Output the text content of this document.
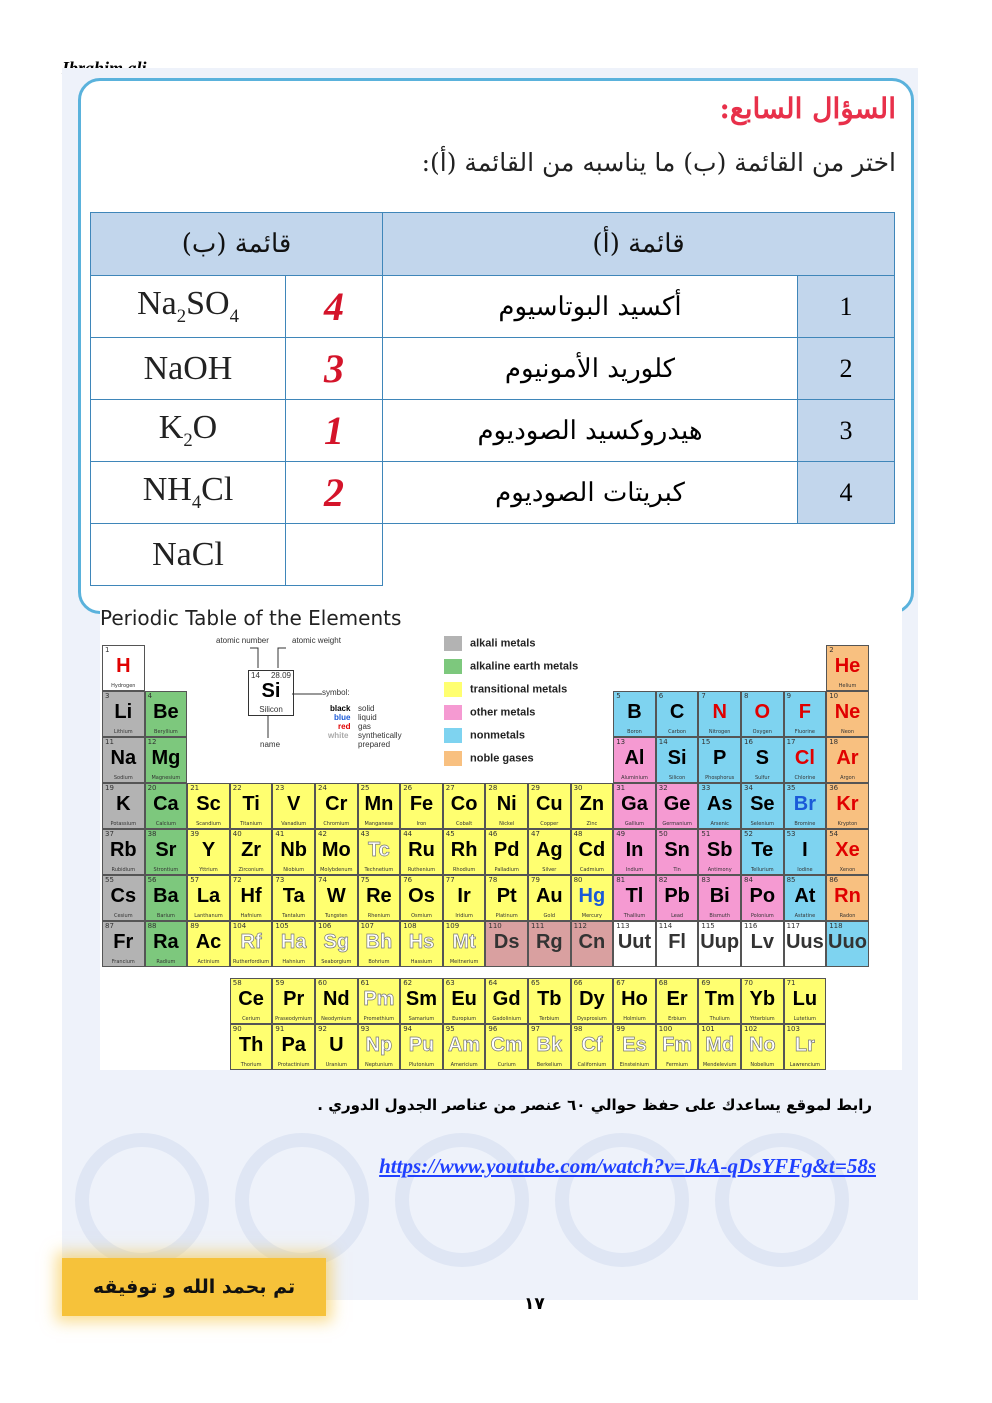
السؤال السابع:
اختر من القائمة (ب) ما يناسبه من القائمة (أ):
قائمة (ب)		قائمة (أ)	
$Na_2SO_4$	4	أكسيد البوتاسيوم	1
NaOH	3	كلوريد الأمونيوم	2
$K_2O$	1	هيدروكسيد الصوديوم	3
$NH_4Cl$	2	كبريتات الصوديوم	4
NaCl			
Periodic Table of the Elements
atomic number	atomic weight
14 28.09
Si
Silicon
symbol:
black solid
blue liquid
red gas
white synthetically prepared
name
alkali metals
alkaline earth metals
transitional metals
other metals
nonmetals
noble gases
1
H
Hydrogen
2
He
Helium
3
Li
Lithium
4
Be
Beryllium
5
B
Boron
6
C
Carbon
7
N
Nitrogen
8
O
Oxygen
9
F
Fluorine
10
Ne
Neon
11
Na
Sodium
12
Mg
Magnesium
13
Al
Aluminium
14
Si
Silicon
15
P
Phosphorus
16
S
Sulfur
17
Cl
Chlorine
18
Ar
Argon
19
K
Potassium
20
Ca
Calcium
21
Sc
Scandium
22
Ti
Titanium
23
V
Vanadium
24
Cr
Chromium
25
Mn
Manganese
26
Fe
Iron
27
Co
Cobalt
28
Ni
Nickel
29
Cu
Copper
30
Zn
Zinc
31
Ga
Gallium
32
Ge
Germanium
33
As
Arsenic
34
Se
Selenium
35
Br
Bromine
36
Kr
Krypton
37
Rb
Rubidium
38
Sr
Strontium
39
Y
Yttrium
40
Zr
Zirconium
41
Nb
Niobium
42
Mo
Molybdenum
43
Tc
Technetium
44
Ru
Ruthenium
45
Rh
Rhodium
46
Pd
Palladium
47
Ag
Silver
48
Cd
Cadmium
49
In
Indium
50
Sn
Tin
51
Sb
Antimony
52
Te
Tellurium
53
I
Iodine
54
Xe
Xenon
55
Cs
Cesium
56
Ba
Barium
57
La
Lanthanum
72
Hf
Hafnium
73
Ta
Tantalum
74
W
Tungsten
75
Re
Rhenium
76
Os
Osmium
77
Ir
Iridium
78
Pt
Platinum
79
Au
Gold
80
Hg
Mercury
81
Tl
Thallium
82
Pb
Lead
83
Bi
Bismuth
84
Po
Polonium
85
At
Astatine
86
Rn
Radon
87
Fr
Francium
88
Ra
Radium
89
Ac
Actinium
104
Rf
Rutherfordium
105
Ha
Hahnium
106
Sg
Seaborgium
107
Bh
Bohrium
108
Hs
Hassium
109
Mt
Meitnerium
110
Ds
111
Rg
112
Cn
113
Uut
114
Fl
115
Uup
116
Lv
117
Uus
118
Uuo
58
Ce
Cerium
59
Pr
Praseodymium
60
Nd
Neodymium
61
Pm
Promethium
62
Sm
Samarium
63
Eu
Europium
64
Gd
Gadolinium
65
Tb
Terbium
66
Dy
Dysprosium
67
Ho
Holmium
68
Er
Erbium
69
Tm
Thulium
70
Yb
Ytterbium
71
Lu
Lutetium
90
Th
Thorium
91
Pa
Protactinium
92
U
Uranium
93
Np
Neptunium
94
Pu
Plutonium
95
Am
Americium
96
Cm
Curium
97
Bk
Berkelium
98
Cf
Californium
99
Es
Einsteinium
100
Fm
Fermium
101
Md
Mendelevium
102
No
Nobelium
103
Lr
Lawrencium
رابط لموقع يساعدك على حفظ حوالي ٦٠ عنصر من عناصر الجدول الدوري .
https://www.youtube.com/watch?v=JkA-qDsYFFg&t=58s
تم بحمد الله و توفيقه
١٧
